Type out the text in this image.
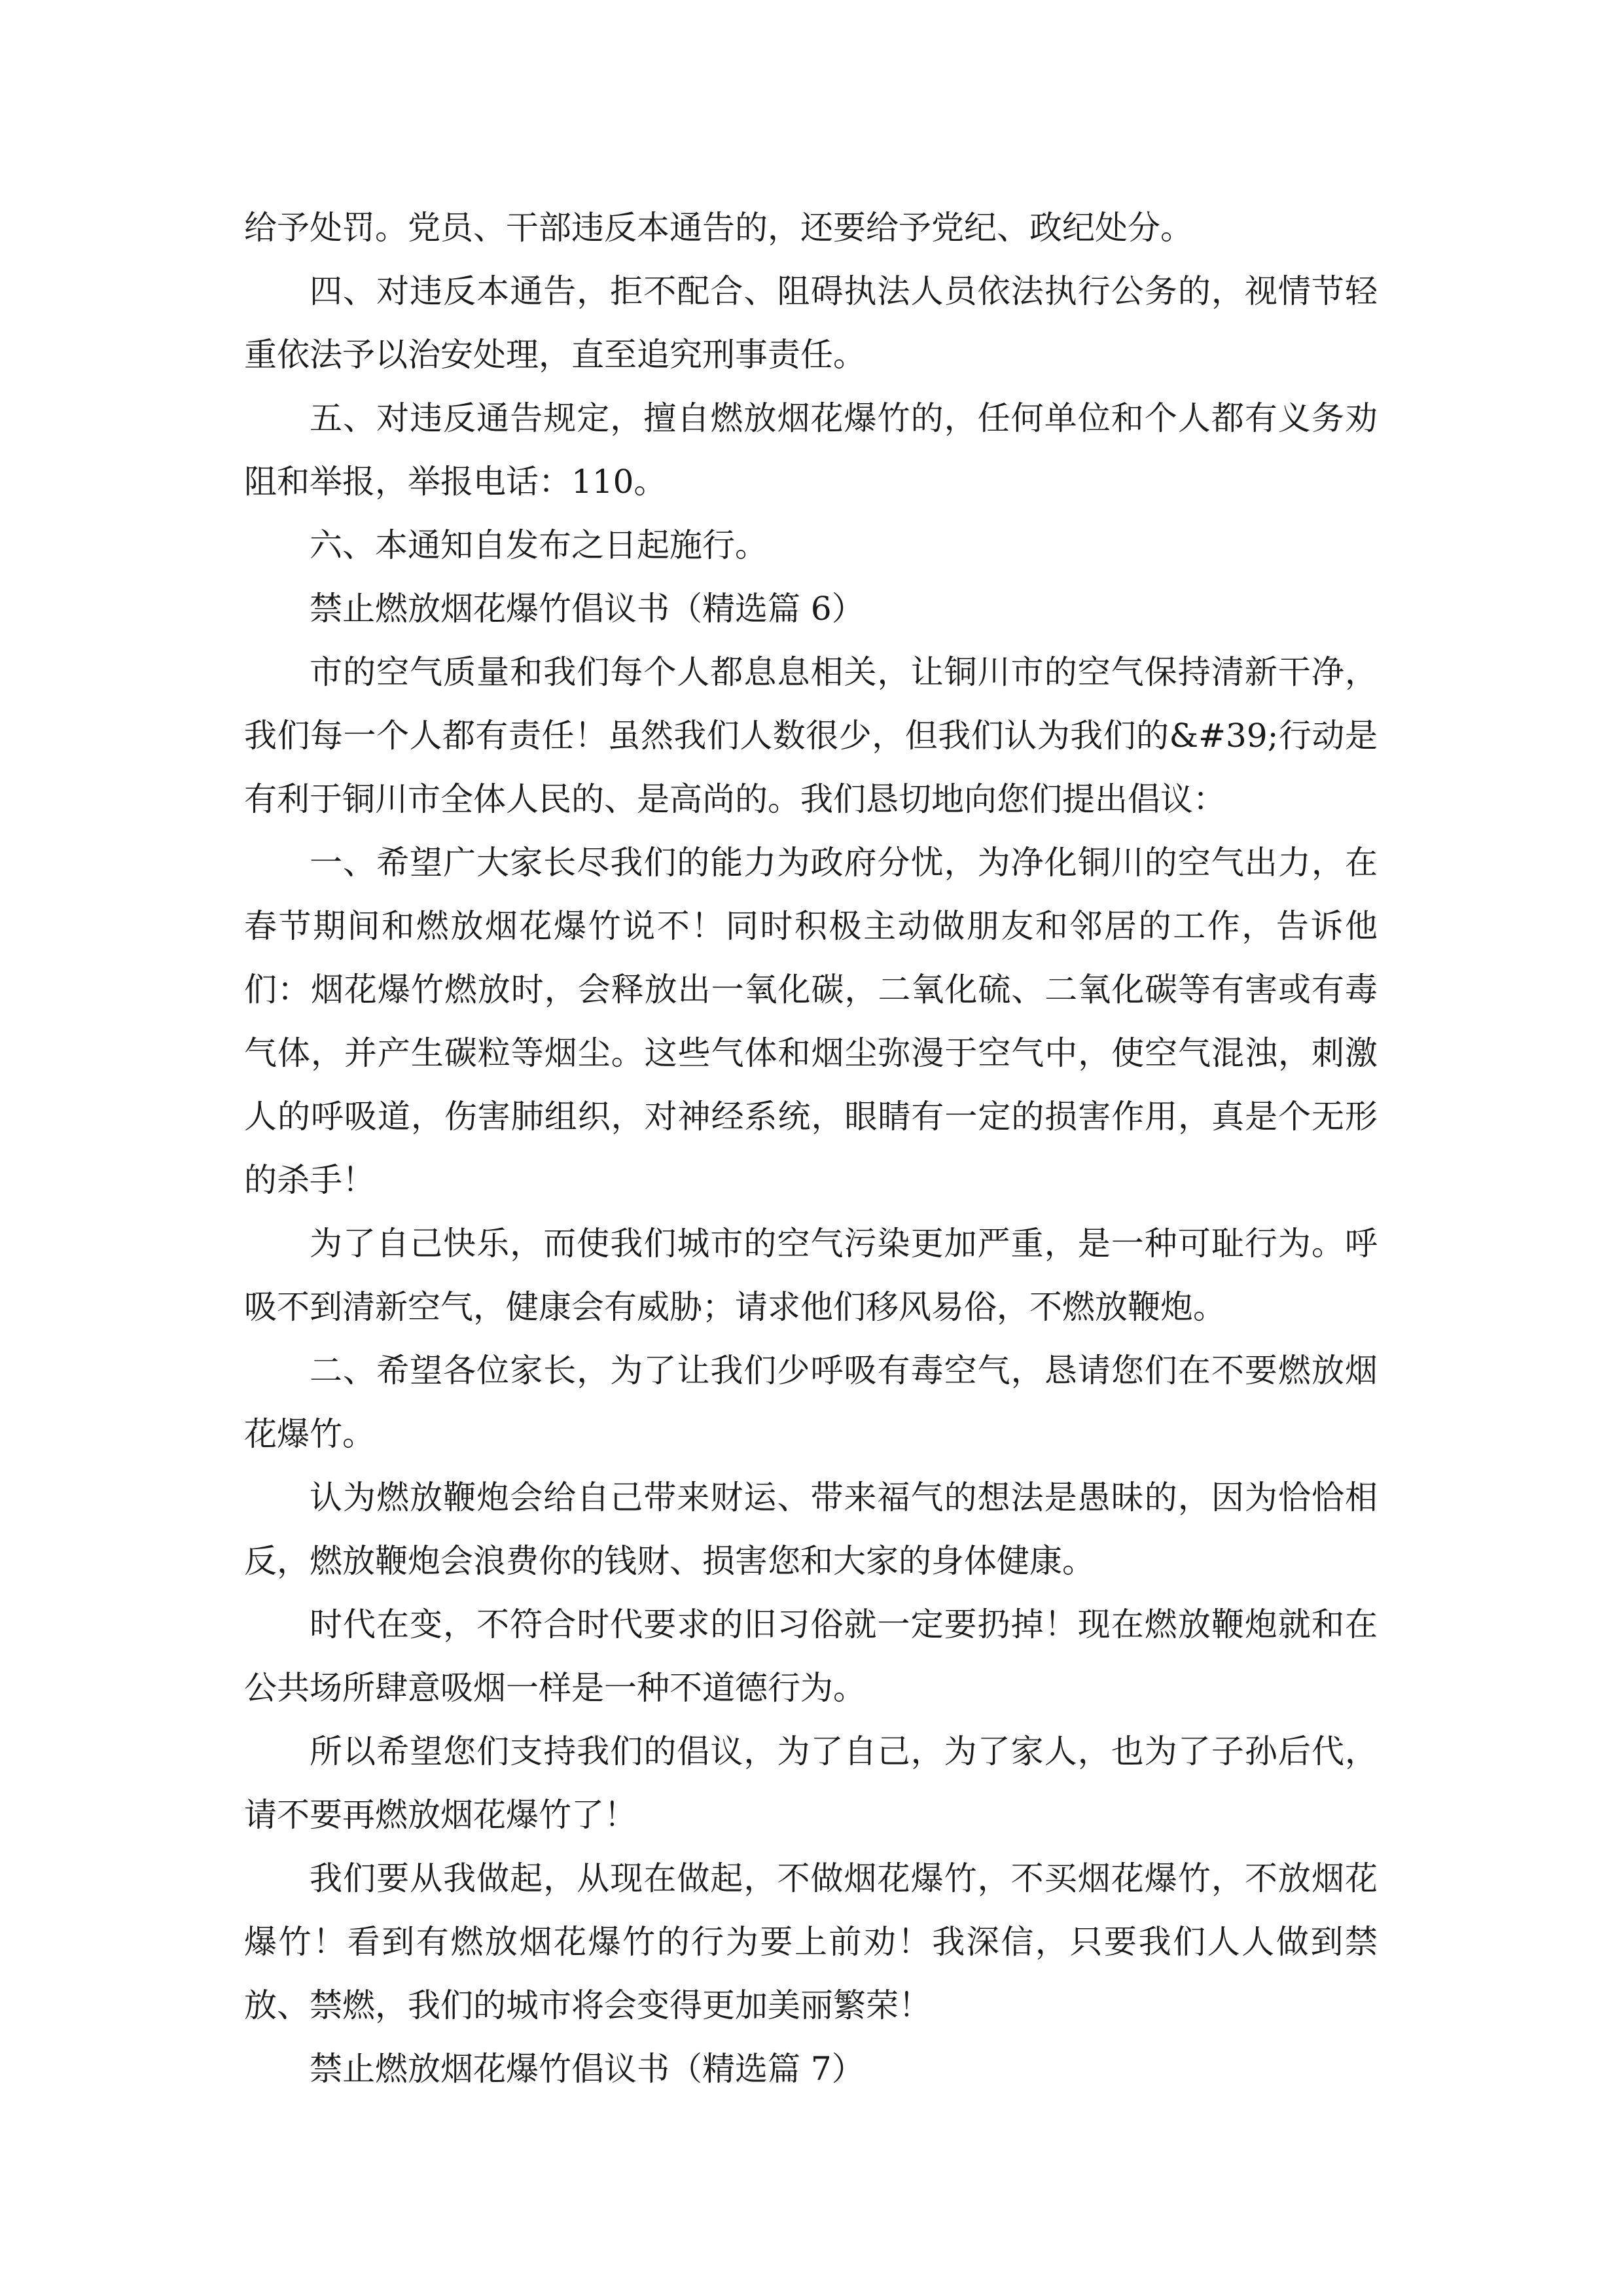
给予处罚。党员、干部违反本通告的，还要给予党纪、政纪处分。

四、对违反本通告，拒不配合、阻碍执法人员依法执行公务的，视情节轻重依法予以治安处理，直至追究刑事责任。

五、对违反通告规定，擅自燃放烟花爆竹的，任何单位和个人都有义务劝阻和举报，举报电话：110。

六、本通知自发布之日起施行。

禁止燃放烟花爆竹倡议书（精选篇 6）

市的空气质量和我们每个人都息息相关，让铜川市的空气保持清新干净，我们每一个人都有责任！虽然我们人数很少，但我们认为我们的&#39;行动是有利于铜川市全体人民的、是高尚的。我们恳切地向您们提出倡议：

一、希望广大家长尽我们的能力为政府分忧，为净化铜川的空气出力，在春节期间和燃放烟花爆竹说不！同时积极主动做朋友和邻居的工作，告诉他们：烟花爆竹燃放时，会释放出一氧化碳，二氧化硫、二氧化碳等有害或有毒气体，并产生碳粒等烟尘。这些气体和烟尘弥漫于空气中，使空气混浊，刺激人的呼吸道，伤害肺组织，对神经系统，眼睛有一定的损害作用，真是个无形的杀手！

为了自己快乐，而使我们城市的空气污染更加严重，是一种可耻行为。呼吸不到清新空气，健康会有威胁；请求他们移风易俗，不燃放鞭炮。

二、希望各位家长，为了让我们少呼吸有毒空气，恳请您们在不要燃放烟花爆竹。

认为燃放鞭炮会给自己带来财运、带来福气的想法是愚昧的，因为恰恰相反，燃放鞭炮会浪费你的钱财、损害您和大家的身体健康。

时代在变，不符合时代要求的旧习俗就一定要扔掉！现在燃放鞭炮就和在公共场所肆意吸烟一样是一种不道德行为。

所以希望您们支持我们的倡议，为了自己，为了家人，也为了子孙后代，请不要再燃放烟花爆竹了！

我们要从我做起，从现在做起，不做烟花爆竹，不买烟花爆竹，不放烟花爆竹！看到有燃放烟花爆竹的行为要上前劝！我深信，只要我们人人做到禁放、禁燃，我们的城市将会变得更加美丽繁荣！

禁止燃放烟花爆竹倡议书（精选篇 7）
